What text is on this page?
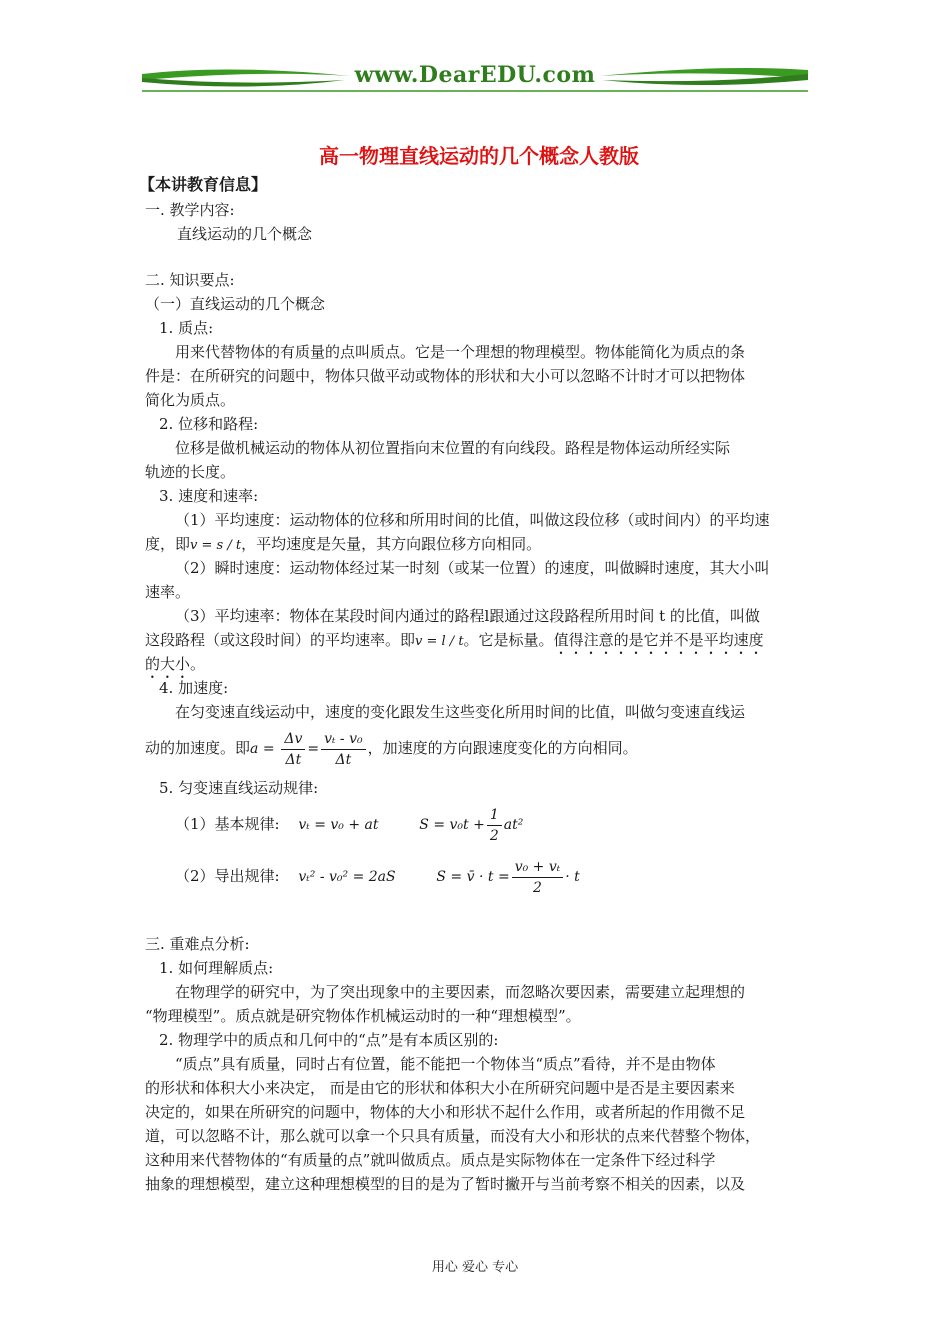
www.DearEDU.com
高一物理直线运动的几个概念人教版
【本讲教育信息】
一. 教学内容:
直线运动的几个概念
二. 知识要点:
（一）直线运动的几个概念
1. 质点:
用来代替物体的有质量的点叫质点。它是一个理想的物理模型。物体能简化为质点的条
件是：在所研究的问题中，物体只做平动或物体的形状和大小可以忽略不计时才可以把物体
简化为质点。
2. 位移和路程:
位移是做机械运动的物体从初位置指向末位置的有向线段。路程是物体运动所经实际
轨迹的长度。
3. 速度和速率:
（1）平均速度：运动物体的位移和所用时间的比值，叫做这段位移（或时间内）的平均速
度，即v = s / t，平均速度是矢量，其方向跟位移方向相同。
（2）瞬时速度：运动物体经过某一时刻（或某一位置）的速度，叫做瞬时速度，其大小叫
速率。
（3）平均速率：物体在某段时间内通过的路程l跟通过这段路程所用时间 t 的比值，叫做
这段路程（或这段时间）的平均速率。即v = l / t。它是标量。值得注意的是它并不是平均速度
的大小。
4. 加速度:
在匀变速直线运动中，速度的变化跟发生这些变化所用时间的比值，叫做匀变速直线运
动的加速度。即$a = \frac{\Delta v}{\Delta t} = \frac{\text{vₜ - v₀}}{\Delta t}$ ，加速度的方向跟速度变化的方向相同。
5. 匀变速直线运动规律:
（1）基本规律: vₜ = v₀ + at	$S = v_0t + \frac{1}{2} at^2$
（2）导出规律: vₜ² - v₀² = 2aS	S = v̄ · $t = \frac{\text{v₀ + vₜ}}{2} \cdot t$
三. 重难点分析:
1. 如何理解质点:
在物理学的研究中，为了突出现象中的主要因素，而忽略次要因素，需要建立起理想的
“物理模型”。质点就是研究物体作机械运动时的一种“理想模型”。
2. 物理学中的质点和几何中的“点”是有本质区别的:
“质点”具有质量，同时占有位置，能不能把一个物体当“质点”看待，并不是由物体
的形状和体积大小来决定， 而是由它的形状和体积大小在所研究问题中是否是主要因素来
决定的，如果在所研究的问题中，物体的大小和形状不起什么作用，或者所起的作用微不足
道，可以忽略不计，那么就可以拿一个只具有质量，而没有大小和形状的点来代替整个物体，
这种用来代替物体的“有质量的点”就叫做质点。质点是实际物体在一定条件下经过科学
抽象的理想模型，建立这种理想模型的目的是为了暂时撇开与当前考察不相关的因素，以及
用心 爱心 专心
